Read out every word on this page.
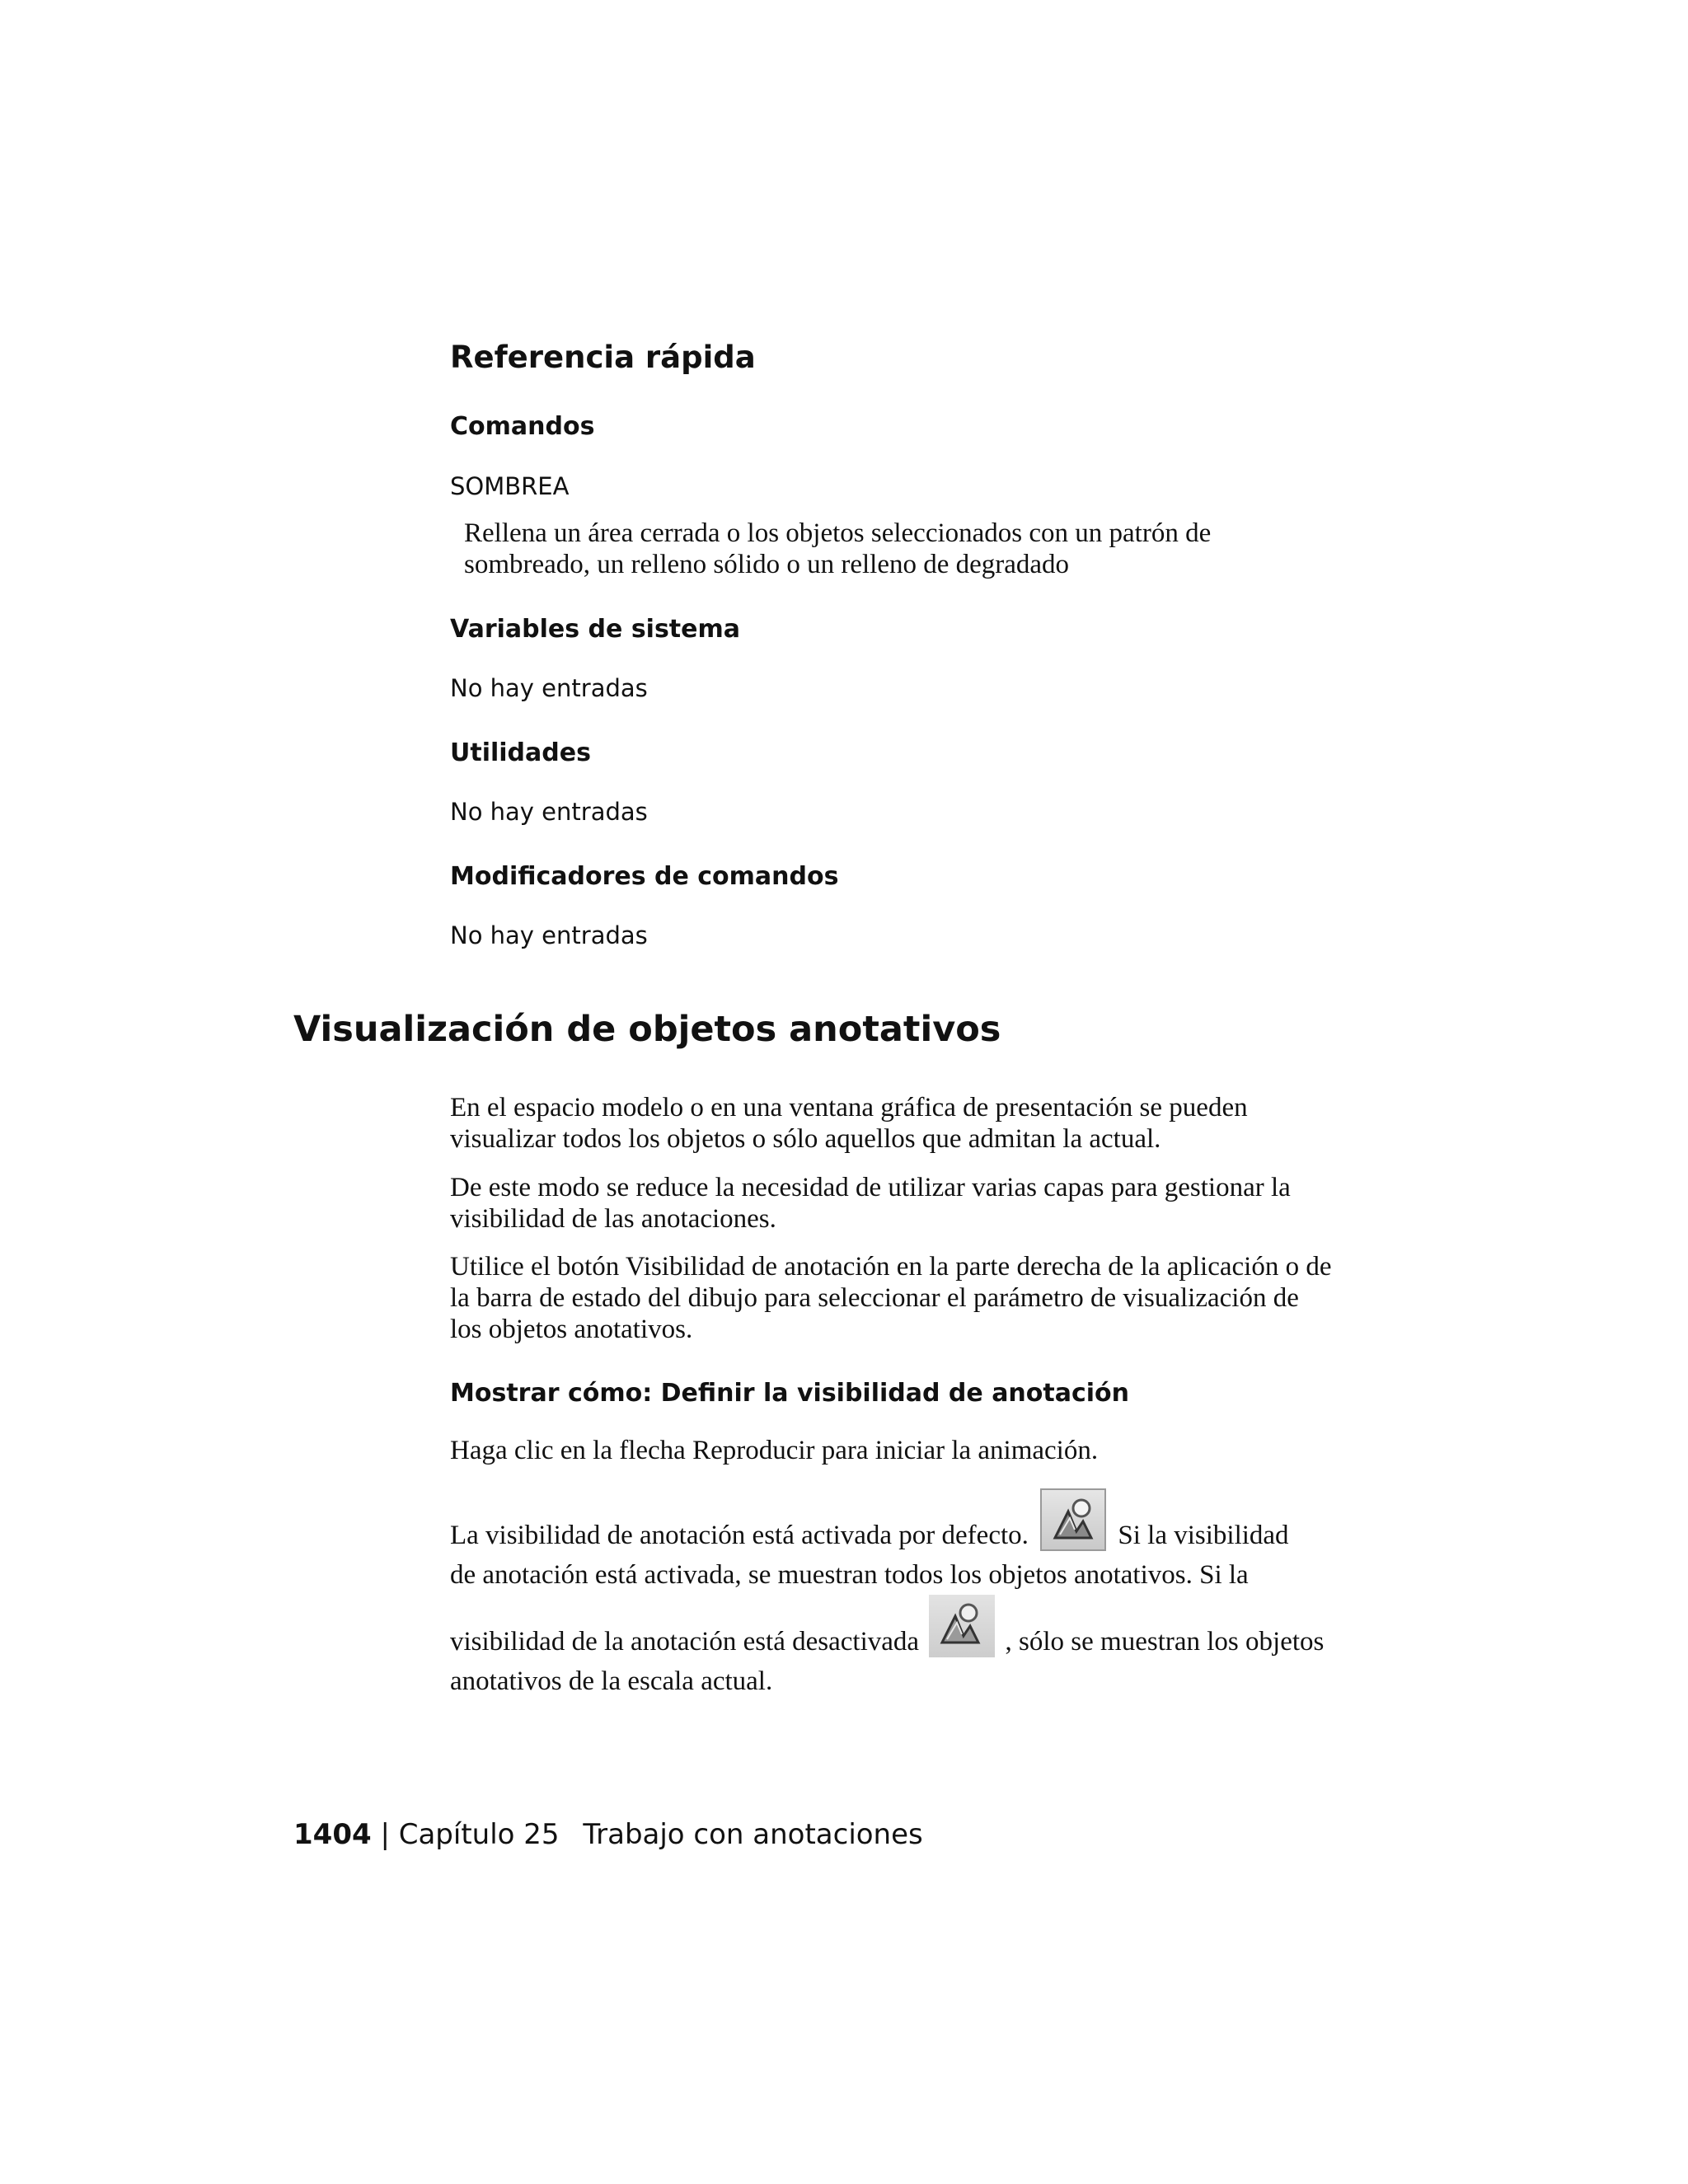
Referencia rápida
Comandos
SOMBREA
Rellena un área cerrada o los objetos seleccionados con un patrón de sombreado, un relleno sólido o un relleno de degradado
Variables de sistema
No hay entradas
Utilidades
No hay entradas
Modificadores de comandos
No hay entradas
Visualización de objetos anotativos
En el espacio modelo o en una ventana gráfica de presentación se pueden visualizar todos los objetos o sólo aquellos que admitan la actual.
De este modo se reduce la necesidad de utilizar varias capas para gestionar la visibilidad de las anotaciones.
Utilice el botón Visibilidad de anotación en la parte derecha de la aplicación o de la barra de estado del dibujo para seleccionar el parámetro de visualización de los objetos anotativos.
Mostrar cómo: Definir la visibilidad de anotación
Haga clic en la flecha Reproducir para iniciar la animación.
La visibilidad de anotación está activada por defecto.	Si la visibilidad
de anotación está activada, se muestran todos los objetos anotativos. Si la
visibilidad de la anotación está desactivada	, sólo se muestran los objetos
anotativos de la escala actual.
1404 | Capítulo 25 Trabajo con anotaciones
